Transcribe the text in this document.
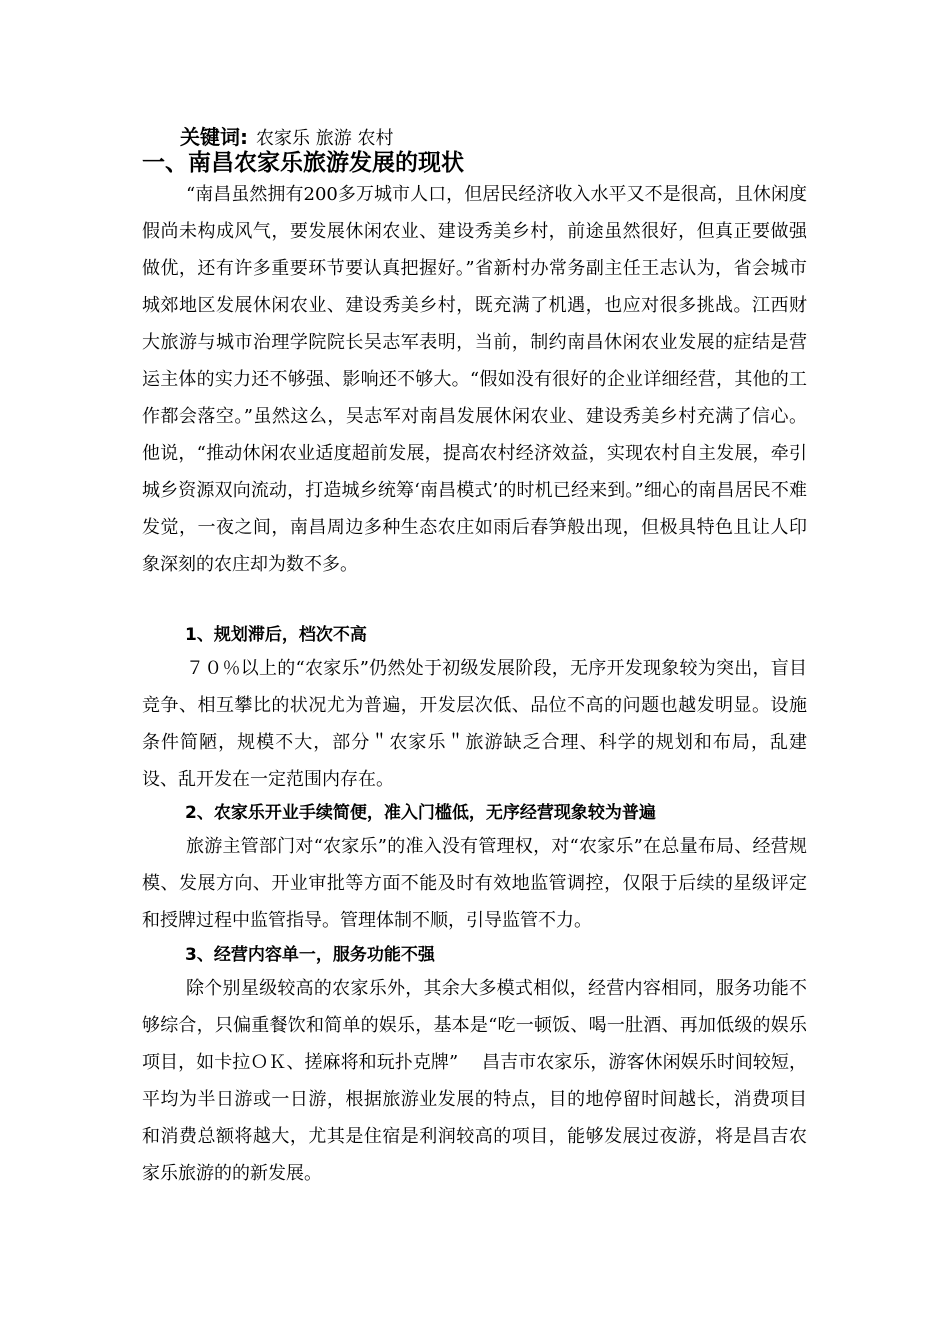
关键词: 农家乐 旅游 农村
一、南昌农家乐旅游发展的现状

“南昌虽然拥有200多万城市人口，但居民经济收入水平又不是很高，且休闲度假尚未构成风气，要发展休闲农业、建设秀美乡村，前途虽然很好，但真正要做强做优，还有许多重要环节要认真把握好。”省新村办常务副主任王志认为，省会城市城郊地区发展休闲农业、建设秀美乡村，既充满了机遇，也应对很多挑战。江西财大旅游与城市治理学院院长吴志军表明，当前，制约南昌休闲农业发展的症结是营运主体的实力还不够强、影响还不够大。“假如没有很好的企业详细经营，其他的工作都会落空。”虽然这么，吴志军对南昌发展休闲农业、建设秀美乡村充满了信心。他说，“推动休闲农业适度超前发展，提高农村经济效益，实现农村自主发展，牵引城乡资源双向流动，打造城乡统筹‘南昌模式’的时机已经来到。”细心的南昌居民不难发觉，一夜之间，南昌周边多种生态农庄如雨后春笋般出现，但极具特色且让人印象深刻的农庄却为数不多。

1、规划滞后，档次不高

７０％以上的“农家乐”仍然处于初级发展阶段，无序开发现象较为突出，盲目竞争、相互攀比的状况尤为普遍，开发层次低、品位不高的问题也越发明显。设施条件简陋，规模不大，部分＂农家乐＂旅游缺乏合理、科学的规划和布局，乱建设、乱开发在一定范围内存在。

2、农家乐开业手续简便，准入门槛低，无序经营现象较为普遍

旅游主管部门对“农家乐”的准入没有管理权，对“农家乐”在总量布局、经营规模、发展方向、开业审批等方面不能及时有效地监管调控，仅限于后续的星级评定和授牌过程中监管指导。管理体制不顺，引导监管不力。

3、经营内容单一，服务功能不强

除个别星级较高的农家乐外，其余大多模式相似，经营内容相同，服务功能不够综合，只偏重餐饮和简单的娱乐，基本是“吃一顿饭、喝一肚酒、再加低级的娱乐项目，如卡拉ＯＫ、搓麻将和玩扑克牌”　 昌吉市农家乐，游客休闲娱乐时间较短，平均为半日游或一日游，根据旅游业发展的特点，目的地停留时间越长，消费项目和消费总额将越大，尤其是住宿是利润较高的项目，能够发展过夜游，将是昌吉农家乐旅游的的新发展。
